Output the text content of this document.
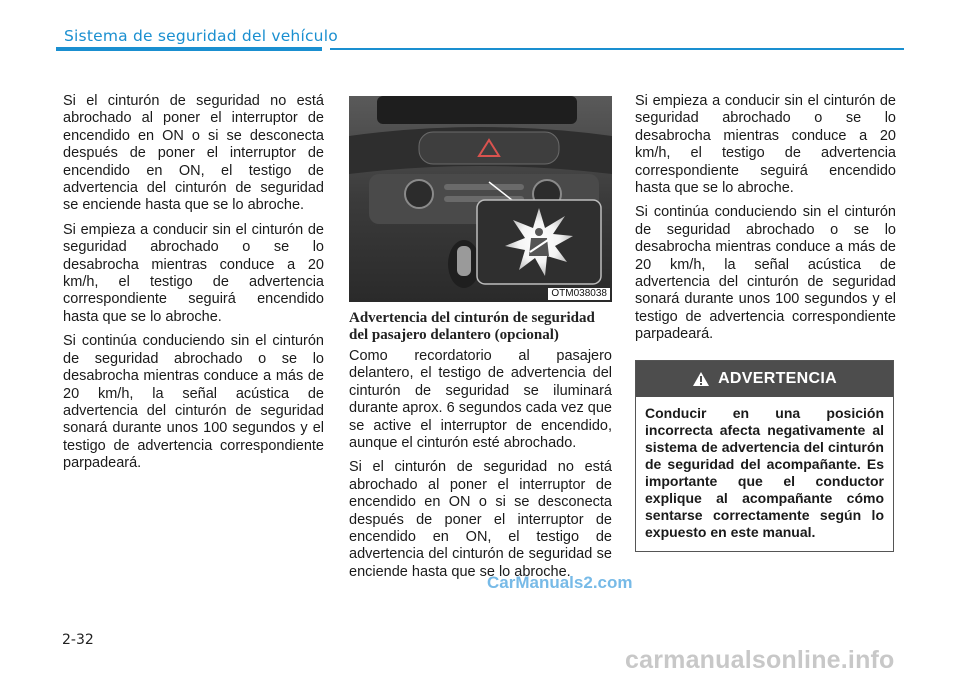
Sistema de seguridad del vehículo

Si el cinturón de seguridad no está abrochado al poner el interruptor de encendido en ON o si se desconecta después de poner el interruptor de encendido en ON, el testigo de advertencia del cinturón de seguridad se enciende hasta que se lo abroche.

Si empieza a conducir sin el cinturón de seguridad abrochado o se lo desabrocha mientras conduce a 20 km/h, el testigo de advertencia correspondiente seguirá encendido hasta que se lo abroche.

Si continúa conduciendo sin el cinturón de seguridad abrochado o se lo desabrocha mientras conduce a más de 20 km/h, la señal acústica de advertencia del cinturón de seguridad sonará durante unos 100 segundos y el testigo de advertencia correspondiente parpadeará.

OTM038038
Advertencia del cinturón de seguridad del pasajero delantero (opcional)

Como recordatorio al pasajero delantero, el testigo de advertencia del cinturón de seguridad se iluminará durante aprox. 6 segundos cada vez que se active el interruptor de encendido, aunque el cinturón esté abrochado.

Si el cinturón de seguridad no está abrochado al poner el interruptor de encendido en ON o si se desconecta después de poner el interruptor de encendido en ON, el testigo de advertencia del cinturón de seguridad se enciende hasta que se lo abroche.

Si empieza a conducir sin el cinturón de seguridad abrochado o se lo desabrocha mientras conduce a 20 km/h, el testigo de advertencia correspondiente seguirá encendido hasta que se lo abroche.

Si continúa conduciendo sin el cinturón de seguridad abrochado o se lo desabrocha mientras conduce a más de 20 km/h, la señal acústica de advertencia del cinturón de seguridad sonará durante unos 100 segundos y el testigo de advertencia correspondiente parpadeará.

ADVERTENCIA
Conducir en una posición incorrecta afecta negativamente al sistema de advertencia del cinturón de seguridad del acompañante. Es importante que el conductor explique al acompañante cómo sentarse correctamente según lo expuesto en este manual.
2-32
CarManuals2.com
carmanualsonline.info
